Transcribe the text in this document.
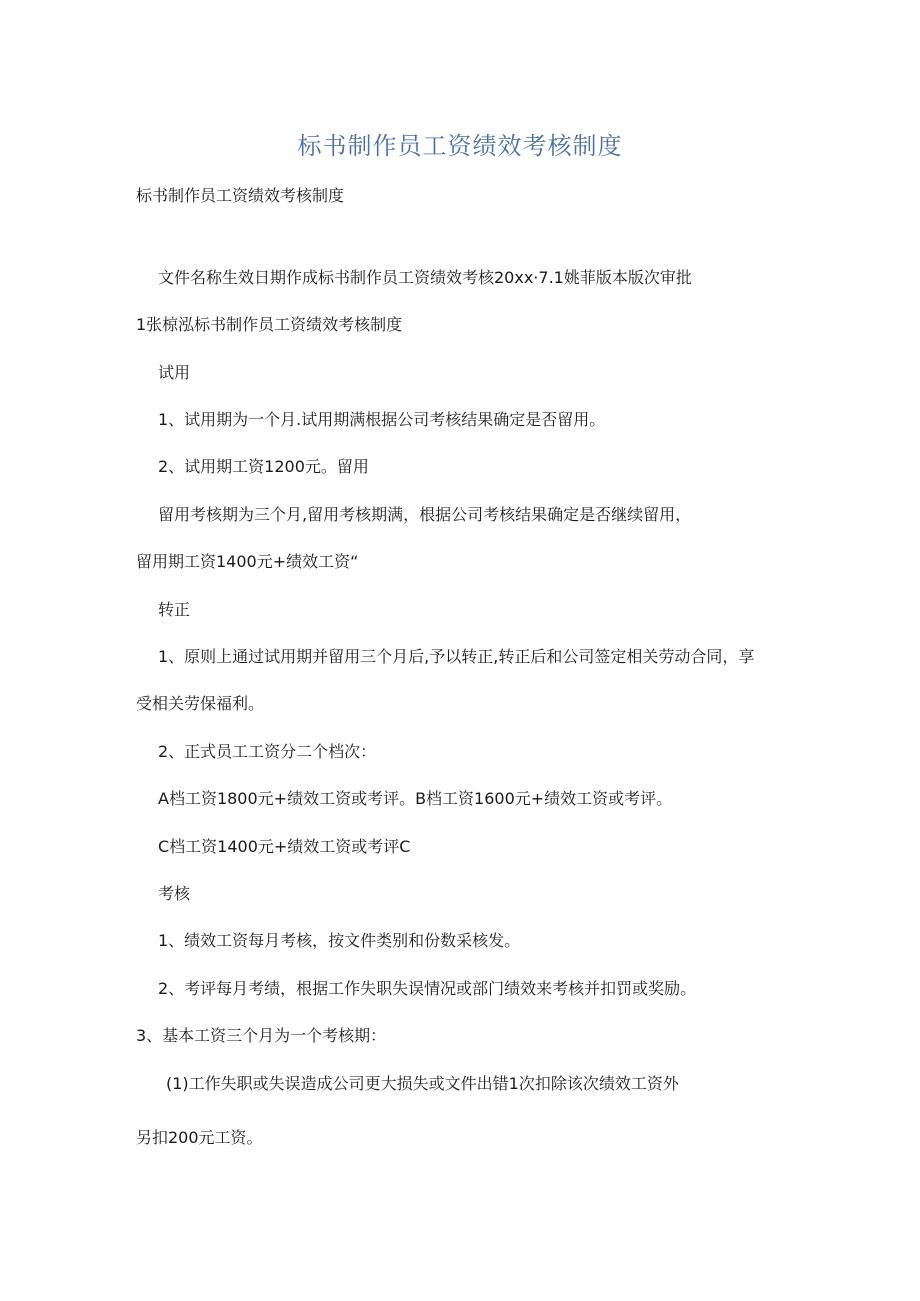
标书制作员工资绩效考核制度
标书制作员工资绩效考核制度
文件名称生效日期作成标书制作员工资绩效考核20xx·7.1姚菲版本版次审批
1张椋泓标书制作员工资绩效考核制度
试用
1、试用期为一个月.试用期满根据公司考核结果确定是否留用。
2、试用期工资1200元。留用
留用考核期为三个月,留用考核期满，根据公司考核结果确定是否继续留用，
留用期工资1400元+绩效工资“
转正
1、原则上通过试用期并留用三个月后,予以转正,转正后和公司签定相关劳动合同，享
受相关劳保福利。
2、正式员工工资分二个档次：
A档工资1800元+绩效工资或考评。B档工资1600元+绩效工资或考评。
C档工资1400元+绩效工资或考评C
考核
1、绩效工资每月考核，按文件类别和份数采核发。
2、考评每月考绩，根据工作失职失误情况或部门绩效来考核并扣罚或奖励。
3、基本工资三个月为一个考核期：
(1)工作失职或失误造成公司更大损失或文件出错1次扣除该次绩效工资外
另扣200元工资。
